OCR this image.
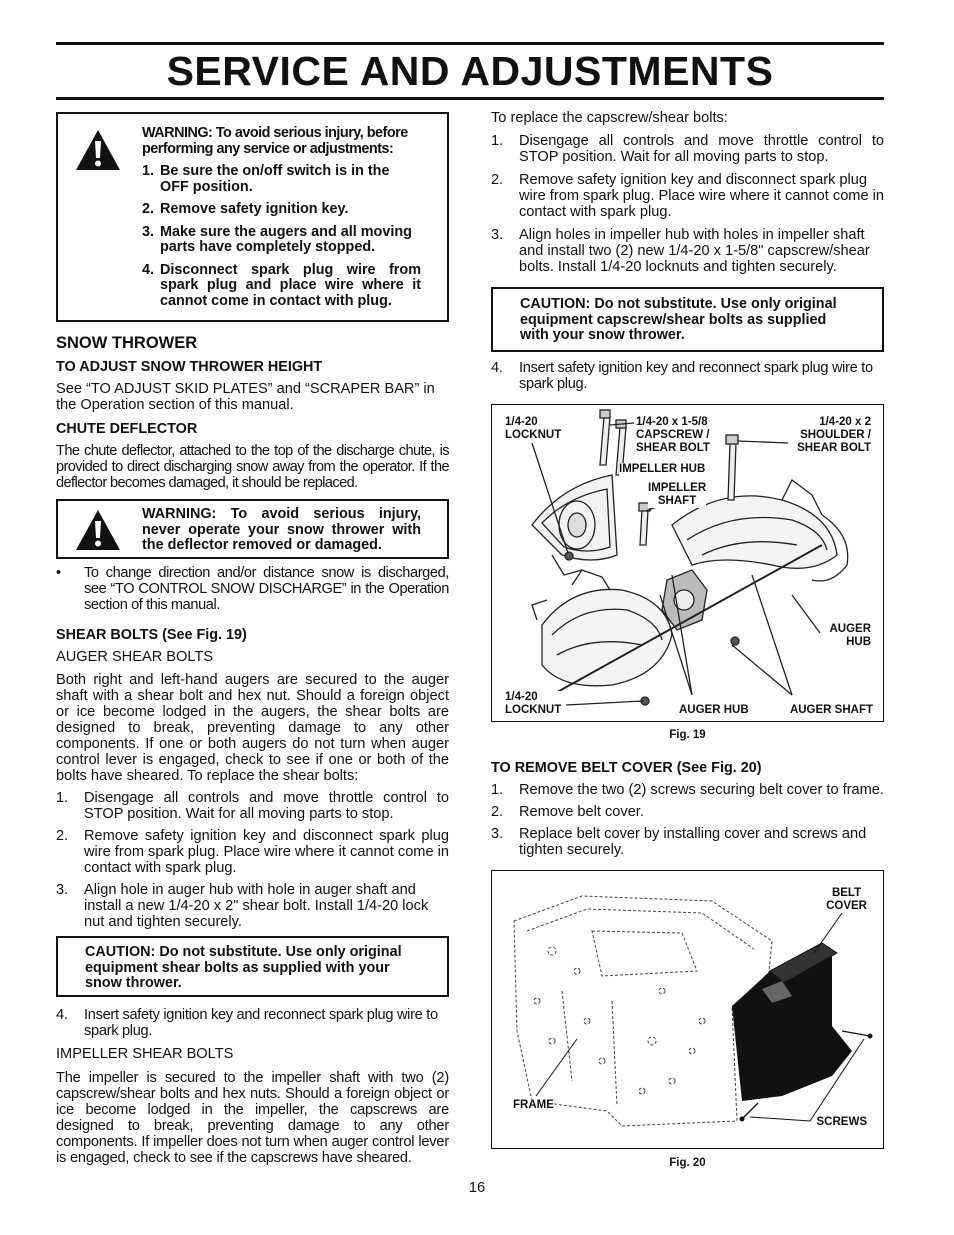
SERVICE AND ADJUSTMENTS
WARNING: To avoid serious injury, before performing any service or adjustments:
1. Be sure the on/off switch is in the OFF position.
2. Remove safety ignition key.
3. Make sure the augers and all moving parts have completely stopped.
4. Disconnect spark plug wire from spark plug and place wire where it cannot come in contact with plug.
SNOW THROWER
TO ADJUST SNOW THROWER HEIGHT

See “TO ADJUST SKID PLATES” and “SCRAPER BAR” in the Operation section of this manual.

CHUTE DEFLECTOR

The chute deflector, attached to the top of the discharge chute, is provided to direct discharging snow away from the operator. If the deflector becomes damaged, it should be replaced.

WARNING: To avoid serious injury, never operate your snow thrower with the deflector removed or damaged.
• To change direction and/or distance snow is discharged, see “TO CONTROL SNOW DISCHARGE” in the Operation section of this manual.

SHEAR BOLTS (See Fig. 19)

AUGER SHEAR BOLTS

Both right and left-hand augers are secured to the auger shaft with a shear bolt and hex nut. Should a foreign object or ice become lodged in the augers, the shear bolts are designed to break, preventing damage to any other components. If one or both augers do not turn when auger control lever is engaged, check to see if one or both of the bolts have sheared. To replace the shear bolts:

1. Disengage all controls and move throttle control to STOP position. Wait for all moving parts to stop.
2. Remove safety ignition key and disconnect spark plug wire from spark plug. Place wire where it cannot come in contact with spark plug.
3. Align hole in auger hub with hole in auger shaft and install a new 1/4-20 x 2" shear bolt. Install 1/4-20 lock nut and tighten securely.
CAUTION: Do not substitute. Use only original equipment shear bolts as supplied with your snow thrower.
4. Insert safety ignition key and reconnect spark plug wire to spark plug.

IMPELLER SHEAR BOLTS

The impeller is secured to the impeller shaft with two (2) capscrew/shear bolts and hex nuts. Should a foreign object or ice become lodged in the impeller, the capscrews are designed to break, preventing damage to any other components. If impeller does not turn when auger control lever is engaged, check to see if the capscrews have sheared.

To replace the capscrew/shear bolts:

1. Disengage all controls and move throttle control to STOP position. Wait for all moving parts to stop.
2. Remove safety ignition key and disconnect spark plug wire from spark plug. Place wire where it cannot come in contact with spark plug.
3. Align holes in impeller hub with holes in impeller shaft and install two (2) new 1/4-20 x 1-5/8" capscrew/shear bolts. Install 1/4-20 locknuts and tighten securely.
CAUTION: Do not substitute. Use only original equipment capscrew/shear bolts as supplied with your snow thrower.
4. Insert safety ignition key and reconnect spark plug wire to spark plug.
1/4-20
LOCKNUT
1/4-20 x 1-5/8
CAPSCREW /
SHEAR BOLT
1/4-20 x 2
SHOULDER /
SHEAR BOLT
IMPELLER HUB
IMPELLER
SHAFT
AUGER
HUB
1/4-20
LOCKNUT	AUGER HUB	AUGER SHAFT
Fig. 19
TO REMOVE BELT COVER (See Fig. 20)
1. Remove the two (2) screws securing belt cover to frame.
2. Remove belt cover.
3. Replace belt cover by installing cover and screws and tighten securely.
BELT
COVER
FRAME
SCREWS
Fig. 20
16
